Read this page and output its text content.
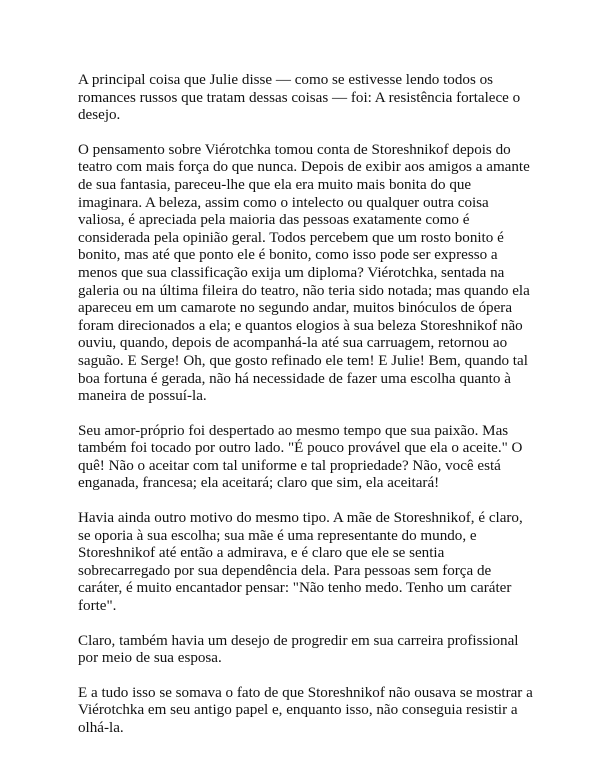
A principal coisa que Julie disse — como se estivesse lendo todos os romances russos que tratam dessas coisas — foi: A resistência fortalece o desejo.

O pensamento sobre Viérotchka tomou conta de Storeshnikof depois do teatro com mais força do que nunca. Depois de exibir aos amigos a amante de sua fantasia, pareceu-lhe que ela era muito mais bonita do que imaginara. A beleza, assim como o intelecto ou qualquer outra coisa valiosa, é apreciada pela maioria das pessoas exatamente como é considerada pela opinião geral. Todos percebem que um rosto bonito é bonito, mas até que ponto ele é bonito, como isso pode ser expresso a menos que sua classificação exija um diploma? Viérotchka, sentada na galeria ou na última fileira do teatro, não teria sido notada; mas quando ela apareceu em um camarote no segundo andar, muitos binóculos de ópera foram direcionados a ela; e quantos elogios à sua beleza Storeshnikof não ouviu, quando, depois de acompanhá-la até sua carruagem, retornou ao saguão. E Serge! Oh, que gosto refinado ele tem! E Julie! Bem, quando tal boa fortuna é gerada, não há necessidade de fazer uma escolha quanto à maneira de possuí-la.

Seu amor-próprio foi despertado ao mesmo tempo que sua paixão. Mas também foi tocado por outro lado. "É pouco provável que ela o aceite." O quê! Não o aceitar com tal uniforme e tal propriedade? Não, você está enganada, francesa; ela aceitará; claro que sim, ela aceitará!

Havia ainda outro motivo do mesmo tipo. A mãe de Storeshnikof, é claro, se oporia à sua escolha; sua mãe é uma representante do mundo, e Storeshnikof até então a admirava, e é claro que ele se sentia sobrecarregado por sua dependência dela. Para pessoas sem força de caráter, é muito encantador pensar: "Não tenho medo. Tenho um caráter forte".

Claro, também havia um desejo de progredir em sua carreira profissional por meio de sua esposa.

E a tudo isso se somava o fato de que Storeshnikof não ousava se mostrar a Viérotchka em seu antigo papel e, enquanto isso, não conseguia resistir a olhá-la.
